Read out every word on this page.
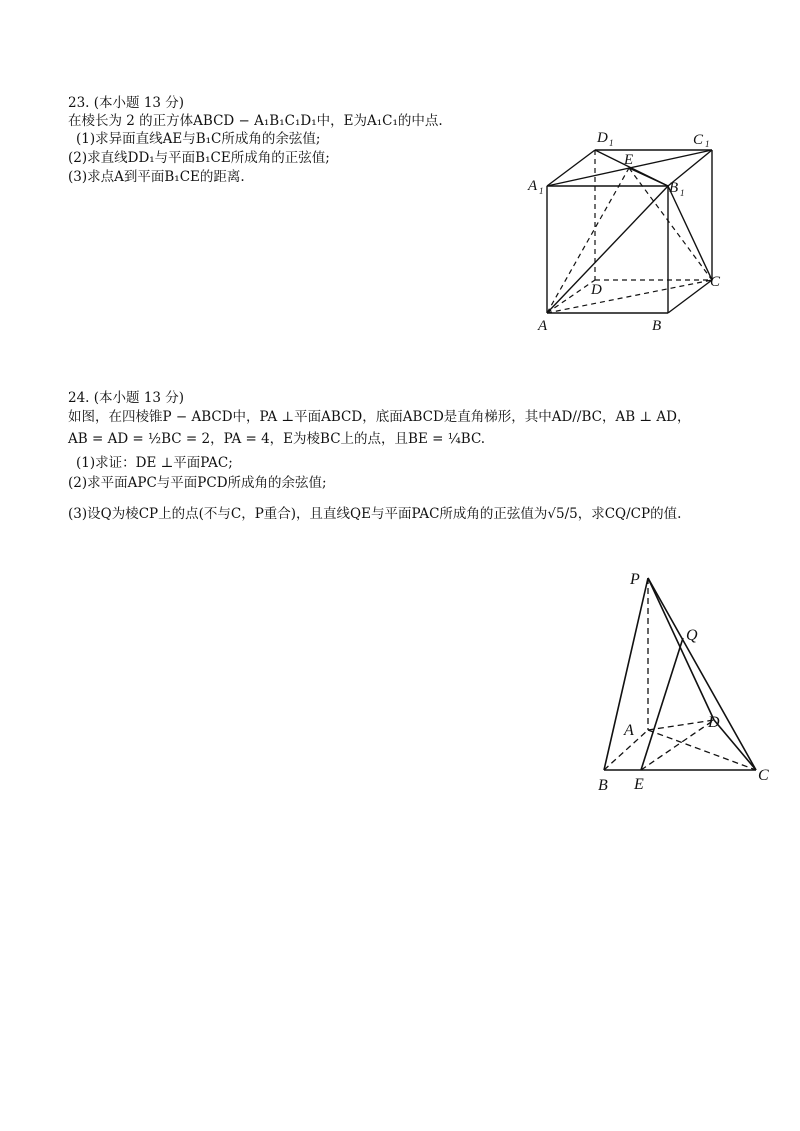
23. (本小题 13 分)
在棱长为 2 的正方体ABCD − A₁B₁C₁D₁中，E为A₁C₁的中点.
(1)求异面直线AE与B₁C所成角的余弦值;
(2)求直线DD₁与平面B₁CE所成角的正弦值;
(3)求点A到平面B₁CE的距离.
A	B
C
D
A 1	B 1
C 1
D 1
E
24. (本小题 13 分)
如图，在四棱锥P − ABCD中，PA ⊥平面ABCD，底面ABCD是直角梯形，其中AD//BC，AB ⊥ AD，
AB = AD = ½BC = 2，PA = 4，E为棱BC上的点，且BE = ¼BC.
(1)求证：DE ⊥平面PAC;
(2)求平面APC与平面PCD所成角的余弦值;
(3)设Q为棱CP上的点(不与C，P重合)，且直线QE与平面PAC所成角的正弦值为√5/5，求CQ/CP的值.
P
Q
A	D
B E
C
